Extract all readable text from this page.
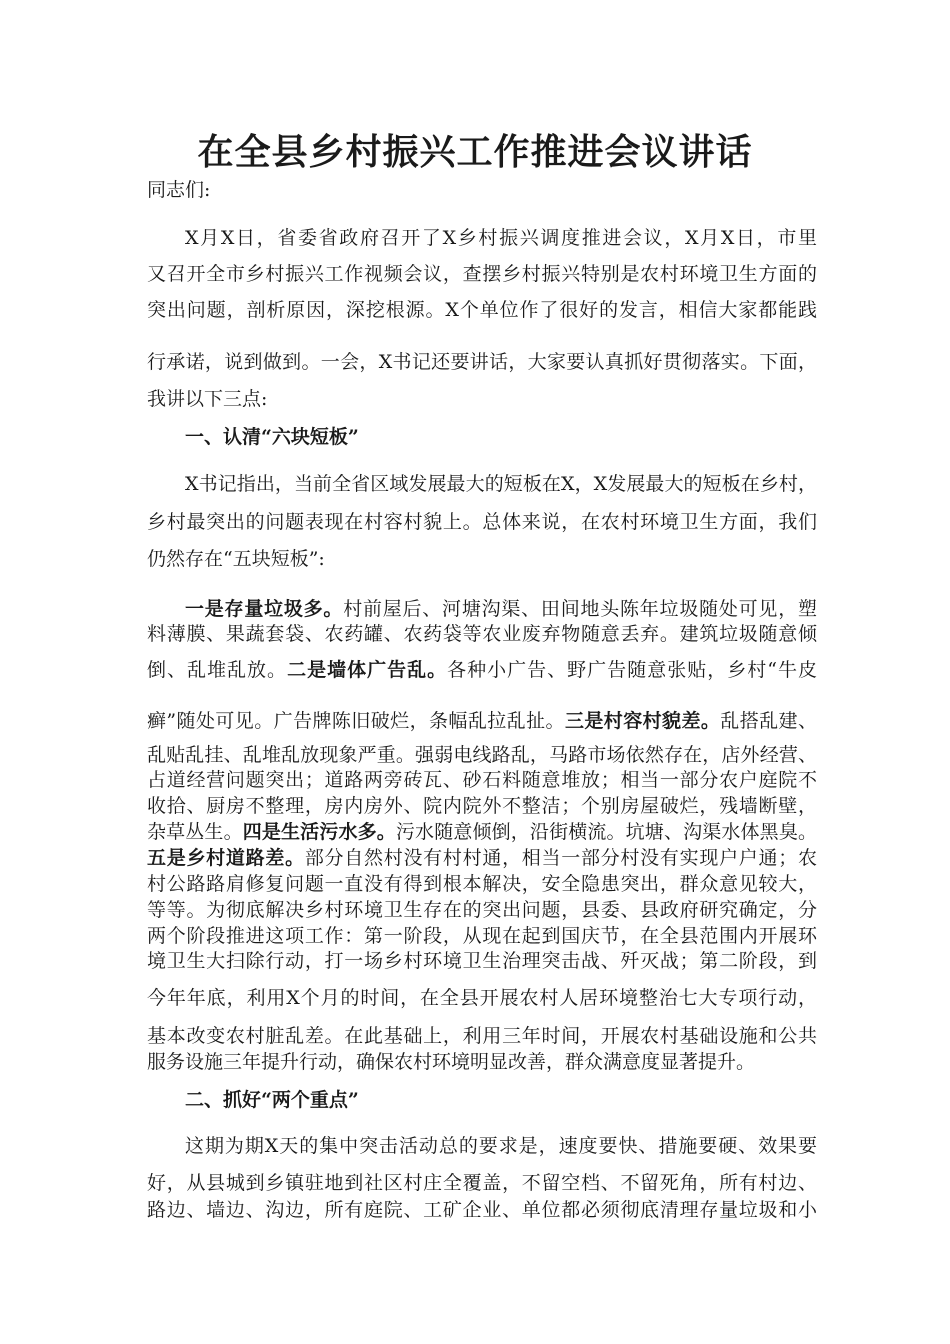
在全县乡村振兴工作推进会议讲话
同志们:
X月X日，省委省政府召开了X乡村振兴调度推进会议，X月X日，市里
又召开全市乡村振兴工作视频会议，查摆乡村振兴特别是农村环境卫生方面的
突出问题，剖析原因，深挖根源。X个单位作了很好的发言，相信大家都能践
行承诺，说到做到。一会，X书记还要讲话，大家要认真抓好贯彻落实。下面，
我讲以下三点:
一、认清“六块短板”
X书记指出，当前全省区域发展最大的短板在X，X发展最大的短板在乡村，
乡村最突出的问题表现在村容村貌上。总体来说，在农村环境卫生方面，我们
仍然存在“五块短板”:
一是存量垃圾多。村前屋后、河塘沟渠、田间地头陈年垃圾随处可见，塑
料薄膜、果蔬套袋、农药罐、农药袋等农业废弃物随意丢弃。建筑垃圾随意倾
倒、乱堆乱放。二是墙体广告乱。各种小广告、野广告随意张贴，乡村“牛皮
癣”随处可见。广告牌陈旧破烂，条幅乱拉乱扯。三是村容村貌差。乱搭乱建、
乱贴乱挂、乱堆乱放现象严重。强弱电线路乱，马路市场依然存在，店外经营、
占道经营问题突出；道路两旁砖瓦、砂石料随意堆放；相当一部分农户庭院不
收拾、厨房不整理，房内房外、院内院外不整洁；个别房屋破烂，残墙断壁，
杂草丛生。四是生活污水多。污水随意倾倒，沿街横流。坑塘、沟渠水体黑臭。
五是乡村道路差。部分自然村没有村村通，相当一部分村没有实现户户通；农
村公路路肩修复问题一直没有得到根本解决，安全隐患突出，群众意见较大，
等等。为彻底解决乡村环境卫生存在的突出问题，县委、县政府研究确定，分
两个阶段推进这项工作：第一阶段，从现在起到国庆节，在全县范围内开展环
境卫生大扫除行动，打一场乡村环境卫生治理突击战、歼灭战；第二阶段，到
今年年底，利用X个月的时间，在全县开展农村人居环境整治七大专项行动，
基本改变农村脏乱差。在此基础上，利用三年时间，开展农村基础设施和公共
服务设施三年提升行动，确保农村环境明显改善，群众满意度显著提升。
二、抓好“两个重点”
这期为期X天的集中突击活动总的要求是，速度要快、措施要硬、效果要
好，从县城到乡镇驻地到社区村庄全覆盖，不留空档、不留死角，所有村边、
路边、墙边、沟边，所有庭院、工矿企业、单位都必须彻底清理存量垃圾和小
